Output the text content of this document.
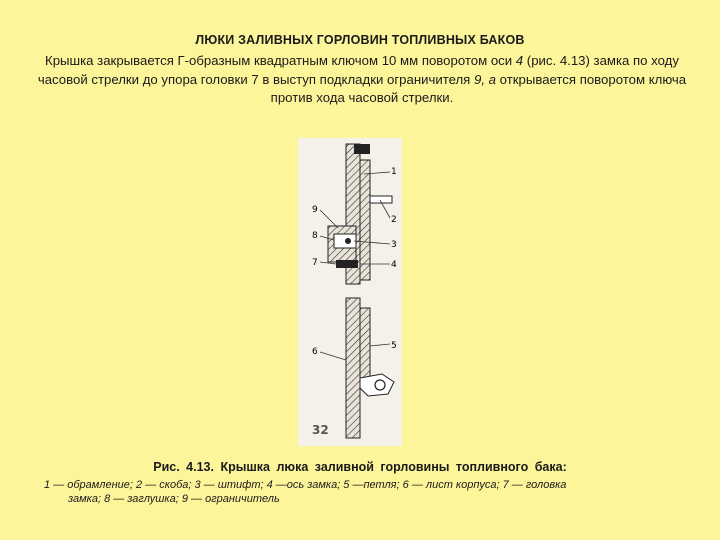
ЛЮКИ ЗАЛИВНЫХ ГОРЛОВИН ТОПЛИВНЫХ БАКОВ
Крышка закрывается Г-образным квадратным ключом 10 мм поворотом оси 4 (рис. 4.13) замка по ходу часовой стрелки до упора головки 7 в выступ подкладки ограничителя 9, а открывается поворотом ключа против хода часовой стрелки.
1
2
3
4
9
8
7
6
5
32
Рис. 4.13. Крышка люка заливной горловины топливного бака:
1 — обрамление; 2 — скоба; 3 — штифт; 4 —ось замка; 5 —петля; 6 — лист корпуса; 7 — головка
замка; 8 — заглушка; 9 — ограничитель
